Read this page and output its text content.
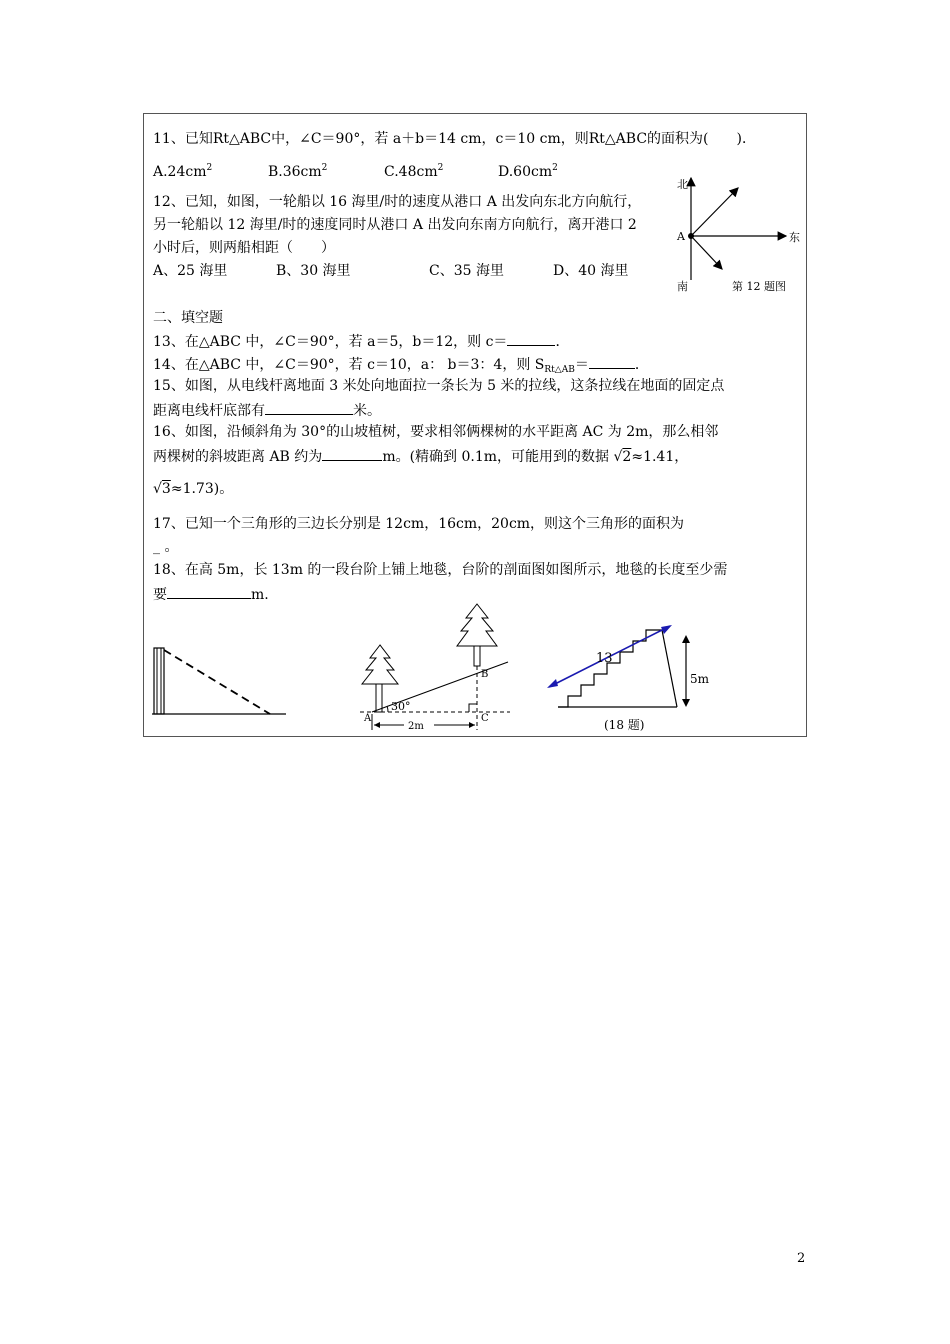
11、已知Rt△ABC中，∠C＝90°，若 a＋b＝14 cm，c＝10 cm，则Rt△ABC的面积为(　　)．
$A.24cm^2$	$B.36cm^2$	$C.48cm^2$	$D.60cm^2$
12、已知，如图，一轮船以 16 海里/时的速度从港口 A 出发向东北方向航行，
另一轮船以 12 海里/时的速度同时从港口 A 出发向东南方向航行，离开港口 2
小时后，则两船相距（　　）
A、25 海里	B、30 海里	C、35 海里	D、40 海里
北
南
东
A
第 12 题图
二、填空题
13、在△ABC 中，∠C＝90°，若 a＝5，b＝12，则 c＝	．
14、在△ABC 中，∠C＝90°，若 c＝10，a： b＝3：4，则 $S_{Rt\triangle AB}=$	．
15、如图，从电线杆离地面 3 米处向地面拉一条长为 5 米的拉线，这条拉线在地面的固定点
距离电线杆底部有	米。
16、如图，沿倾斜角为 30°的山坡植树，要求相邻俩棵树的水平距离 AC 为 2m，那么相邻
两棵树的斜坡距离 AB 约为	m。(精确到 0.1m，可能用到的数据 √2≈1.41，
√3≈1.73)。
17、已知一个三角形的三边长分别是 12cm，16cm，20cm，则这个三角形的面积为
_ 。
18、在高 5m，长 13m 的一段台阶上铺上地毯，台阶的剖面图如图所示，地毯的长度至少需
要	m.
A
B
C
30°
2m
13
5m
(18 题)
2
